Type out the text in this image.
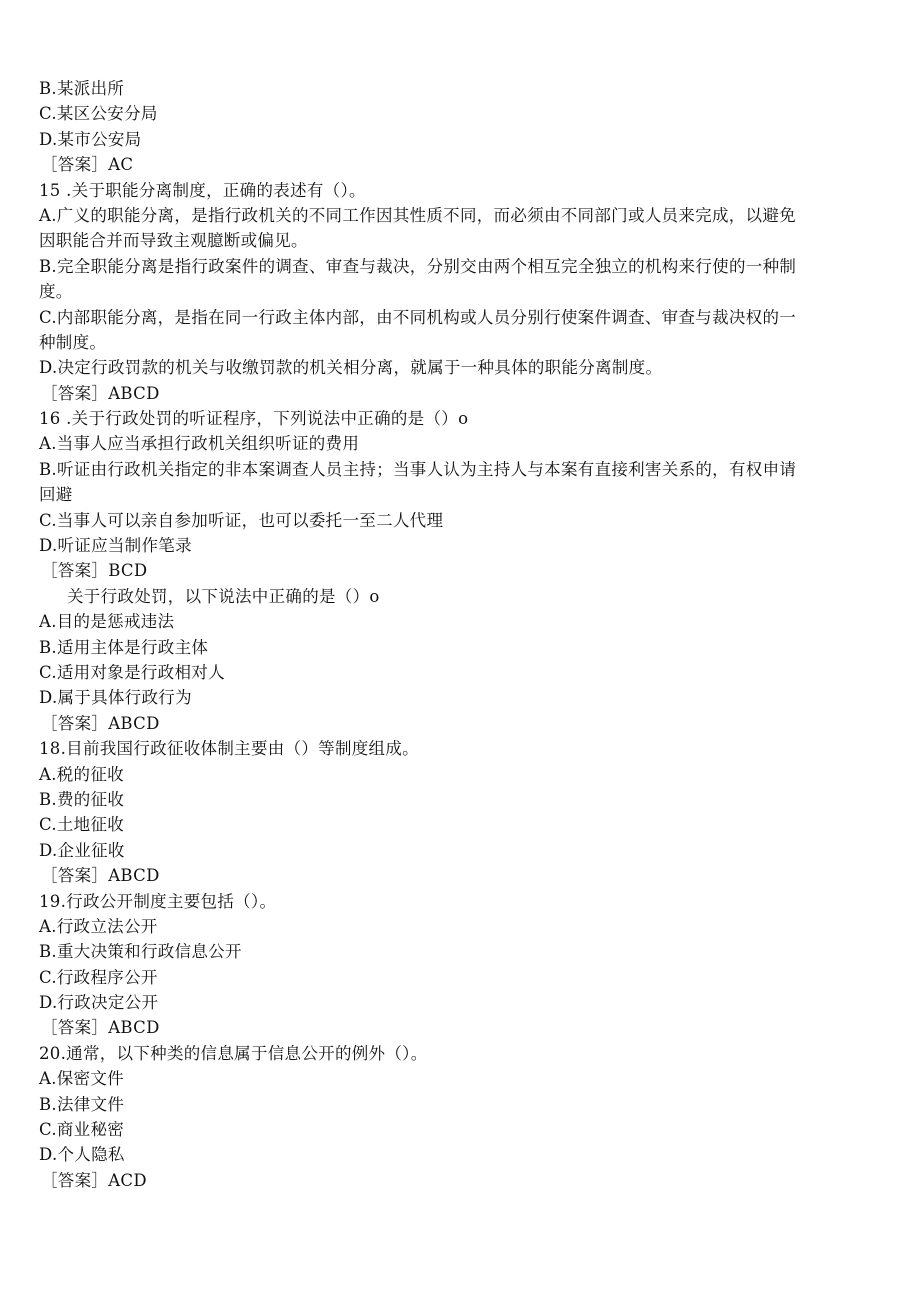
B.某派出所
C.某区公安分局
D.某市公安局
［答案］AC
15 .关于职能分离制度，正确的表述有（）。
A.广义的职能分离，是指行政机关的不同工作因其性质不同，而必须由不同部门或人员来完成，以避免
因职能合并而导致主观臆断或偏见。
B.完全职能分离是指行政案件的调查、审查与裁决，分别交由两个相互完全独立的机构来行使的一种制
度。
C.内部职能分离，是指在同一行政主体内部，由不同机构或人员分别行使案件调查、审查与裁决权的一
种制度。
D.决定行政罚款的机关与收缴罚款的机关相分离，就属于一种具体的职能分离制度。
［答案］ABCD
16 .关于行政处罚的听证程序，下列说法中正确的是（）o
A.当事人应当承担行政机关组织听证的费用
B.听证由行政机关指定的非本案调查人员主持；当事人认为主持人与本案有直接利害关系的，有权申请
回避
C.当事人可以亲自参加听证，也可以委托一至二人代理
D.听证应当制作笔录
［答案］BCD
关于行政处罚，以下说法中正确的是（）o
A.目的是惩戒违法
B.适用主体是行政主体
C.适用对象是行政相对人
D.属于具体行政行为
［答案］ABCD
18.目前我国行政征收体制主要由（）等制度组成。
A.税的征收
B.费的征收
C.土地征收
D.企业征收
［答案］ABCD
19.行政公开制度主要包括（）。
A.行政立法公开
B.重大决策和行政信息公开
C.行政程序公开
D.行政决定公开
［答案］ABCD
20.通常，以下种类的信息属于信息公开的例外（）。
A.保密文件
B.法律文件
C.商业秘密
D.个人隐私
［答案］ACD
